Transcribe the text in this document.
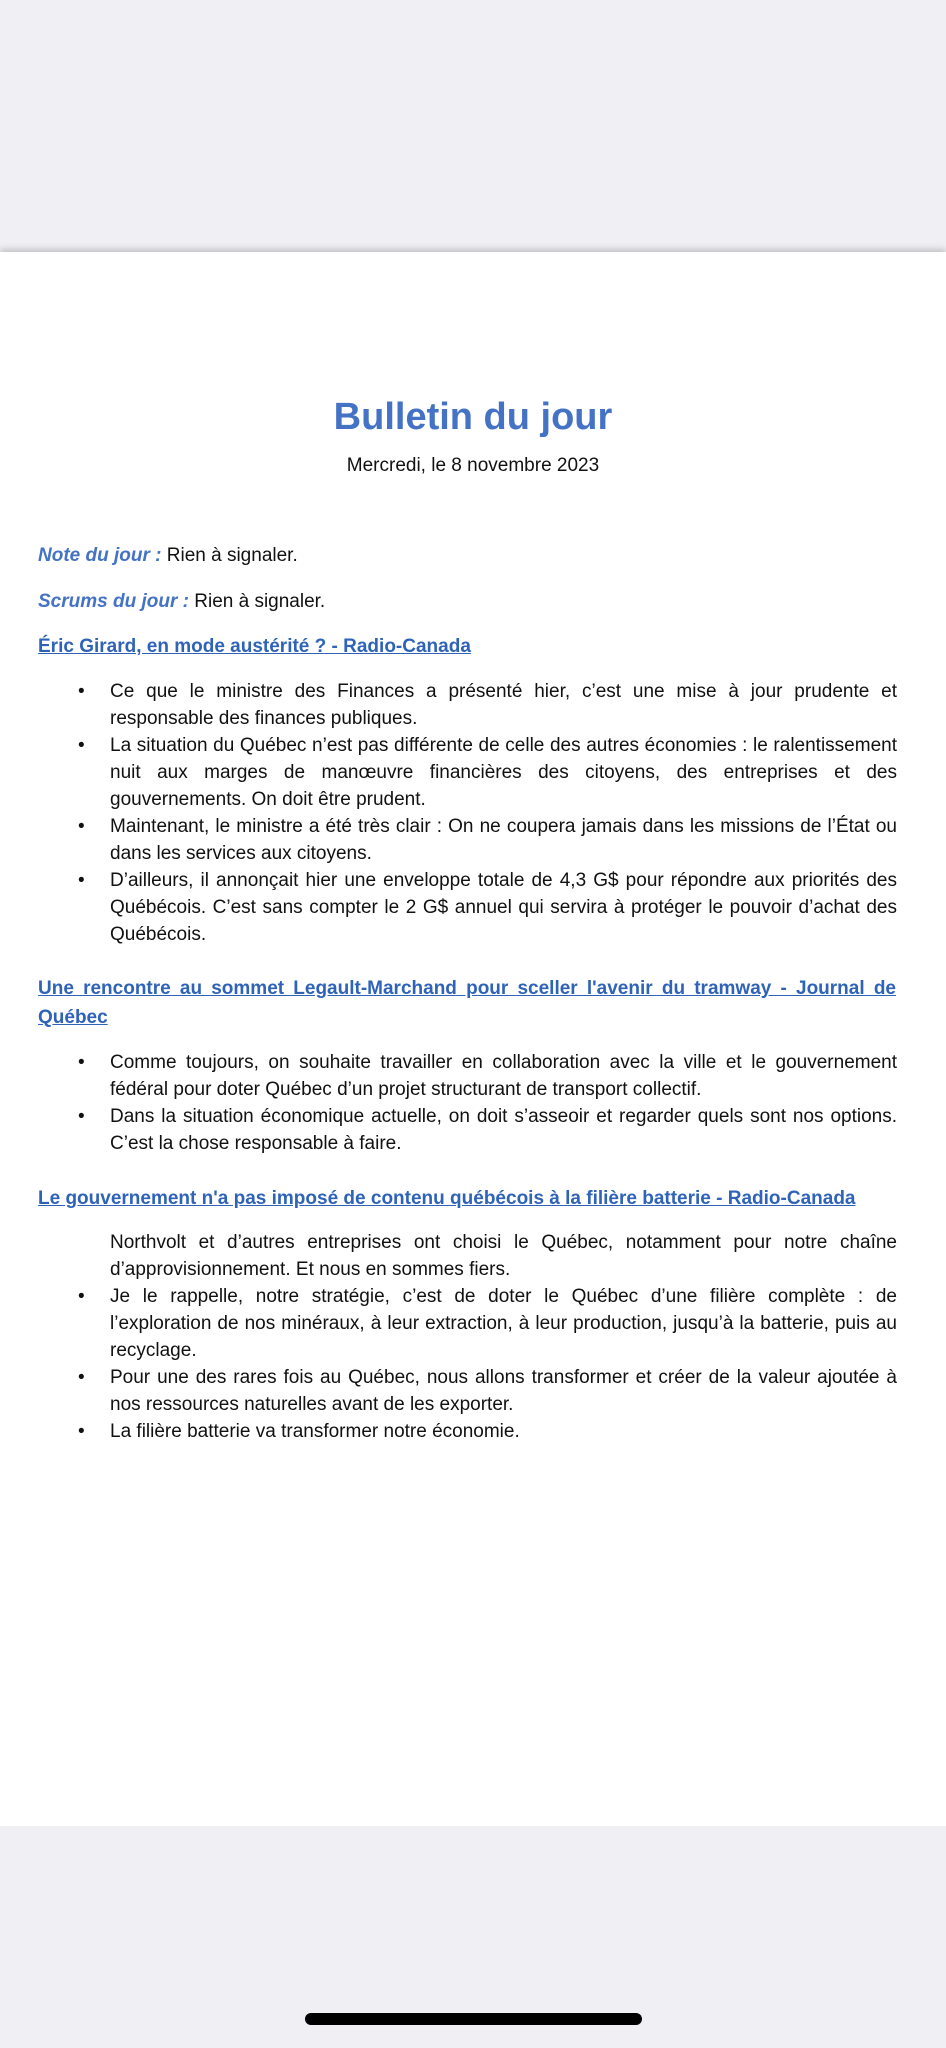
Bulletin du jour
Mercredi, le 8 novembre 2023
Note du jour : Rien à signaler.
Scrums du jour : Rien à signaler.
Éric Girard, en mode austérité ? - Radio-Canada
• Ce que le ministre des Finances a présenté hier, c’est une mise à jour prudente et responsable des finances publiques.
• La situation du Québec n’est pas différente de celle des autres économies : le ralentissement nuit aux marges de manœuvre financières des citoyens, des entreprises et des gouvernements. On doit être prudent.
• Maintenant, le ministre a été très clair : On ne coupera jamais dans les missions de l’État ou dans les services aux citoyens.
• D’ailleurs, il annonçait hier une enveloppe totale de 4,3 G$ pour répondre aux priorités des Québécois. C’est sans compter le 2 G$ annuel qui servira à protéger le pouvoir d’achat des Québécois.
Une rencontre au sommet Legault-Marchand pour sceller l'avenir du tramway - Journal de Québec
• Comme toujours, on souhaite travailler en collaboration avec la ville et le gouvernement fédéral pour doter Québec d’un projet structurant de transport collectif.
• Dans la situation économique actuelle, on doit s’asseoir et regarder quels sont nos options. C’est la chose responsable à faire.
Le gouvernement n'a pas imposé de contenu québécois à la filière batterie - Radio-Canada
Northvolt et d’autres entreprises ont choisi le Québec, notamment pour notre chaîne d’approvisionnement. Et nous en sommes fiers.
• Je le rappelle, notre stratégie, c’est de doter le Québec d’une filière complète : de l’exploration de nos minéraux, à leur extraction, à leur production, jusqu’à la batterie, puis au recyclage.
• Pour une des rares fois au Québec, nous allons transformer et créer de la valeur ajoutée à nos ressources naturelles avant de les exporter.
• La filière batterie va transformer notre économie.
